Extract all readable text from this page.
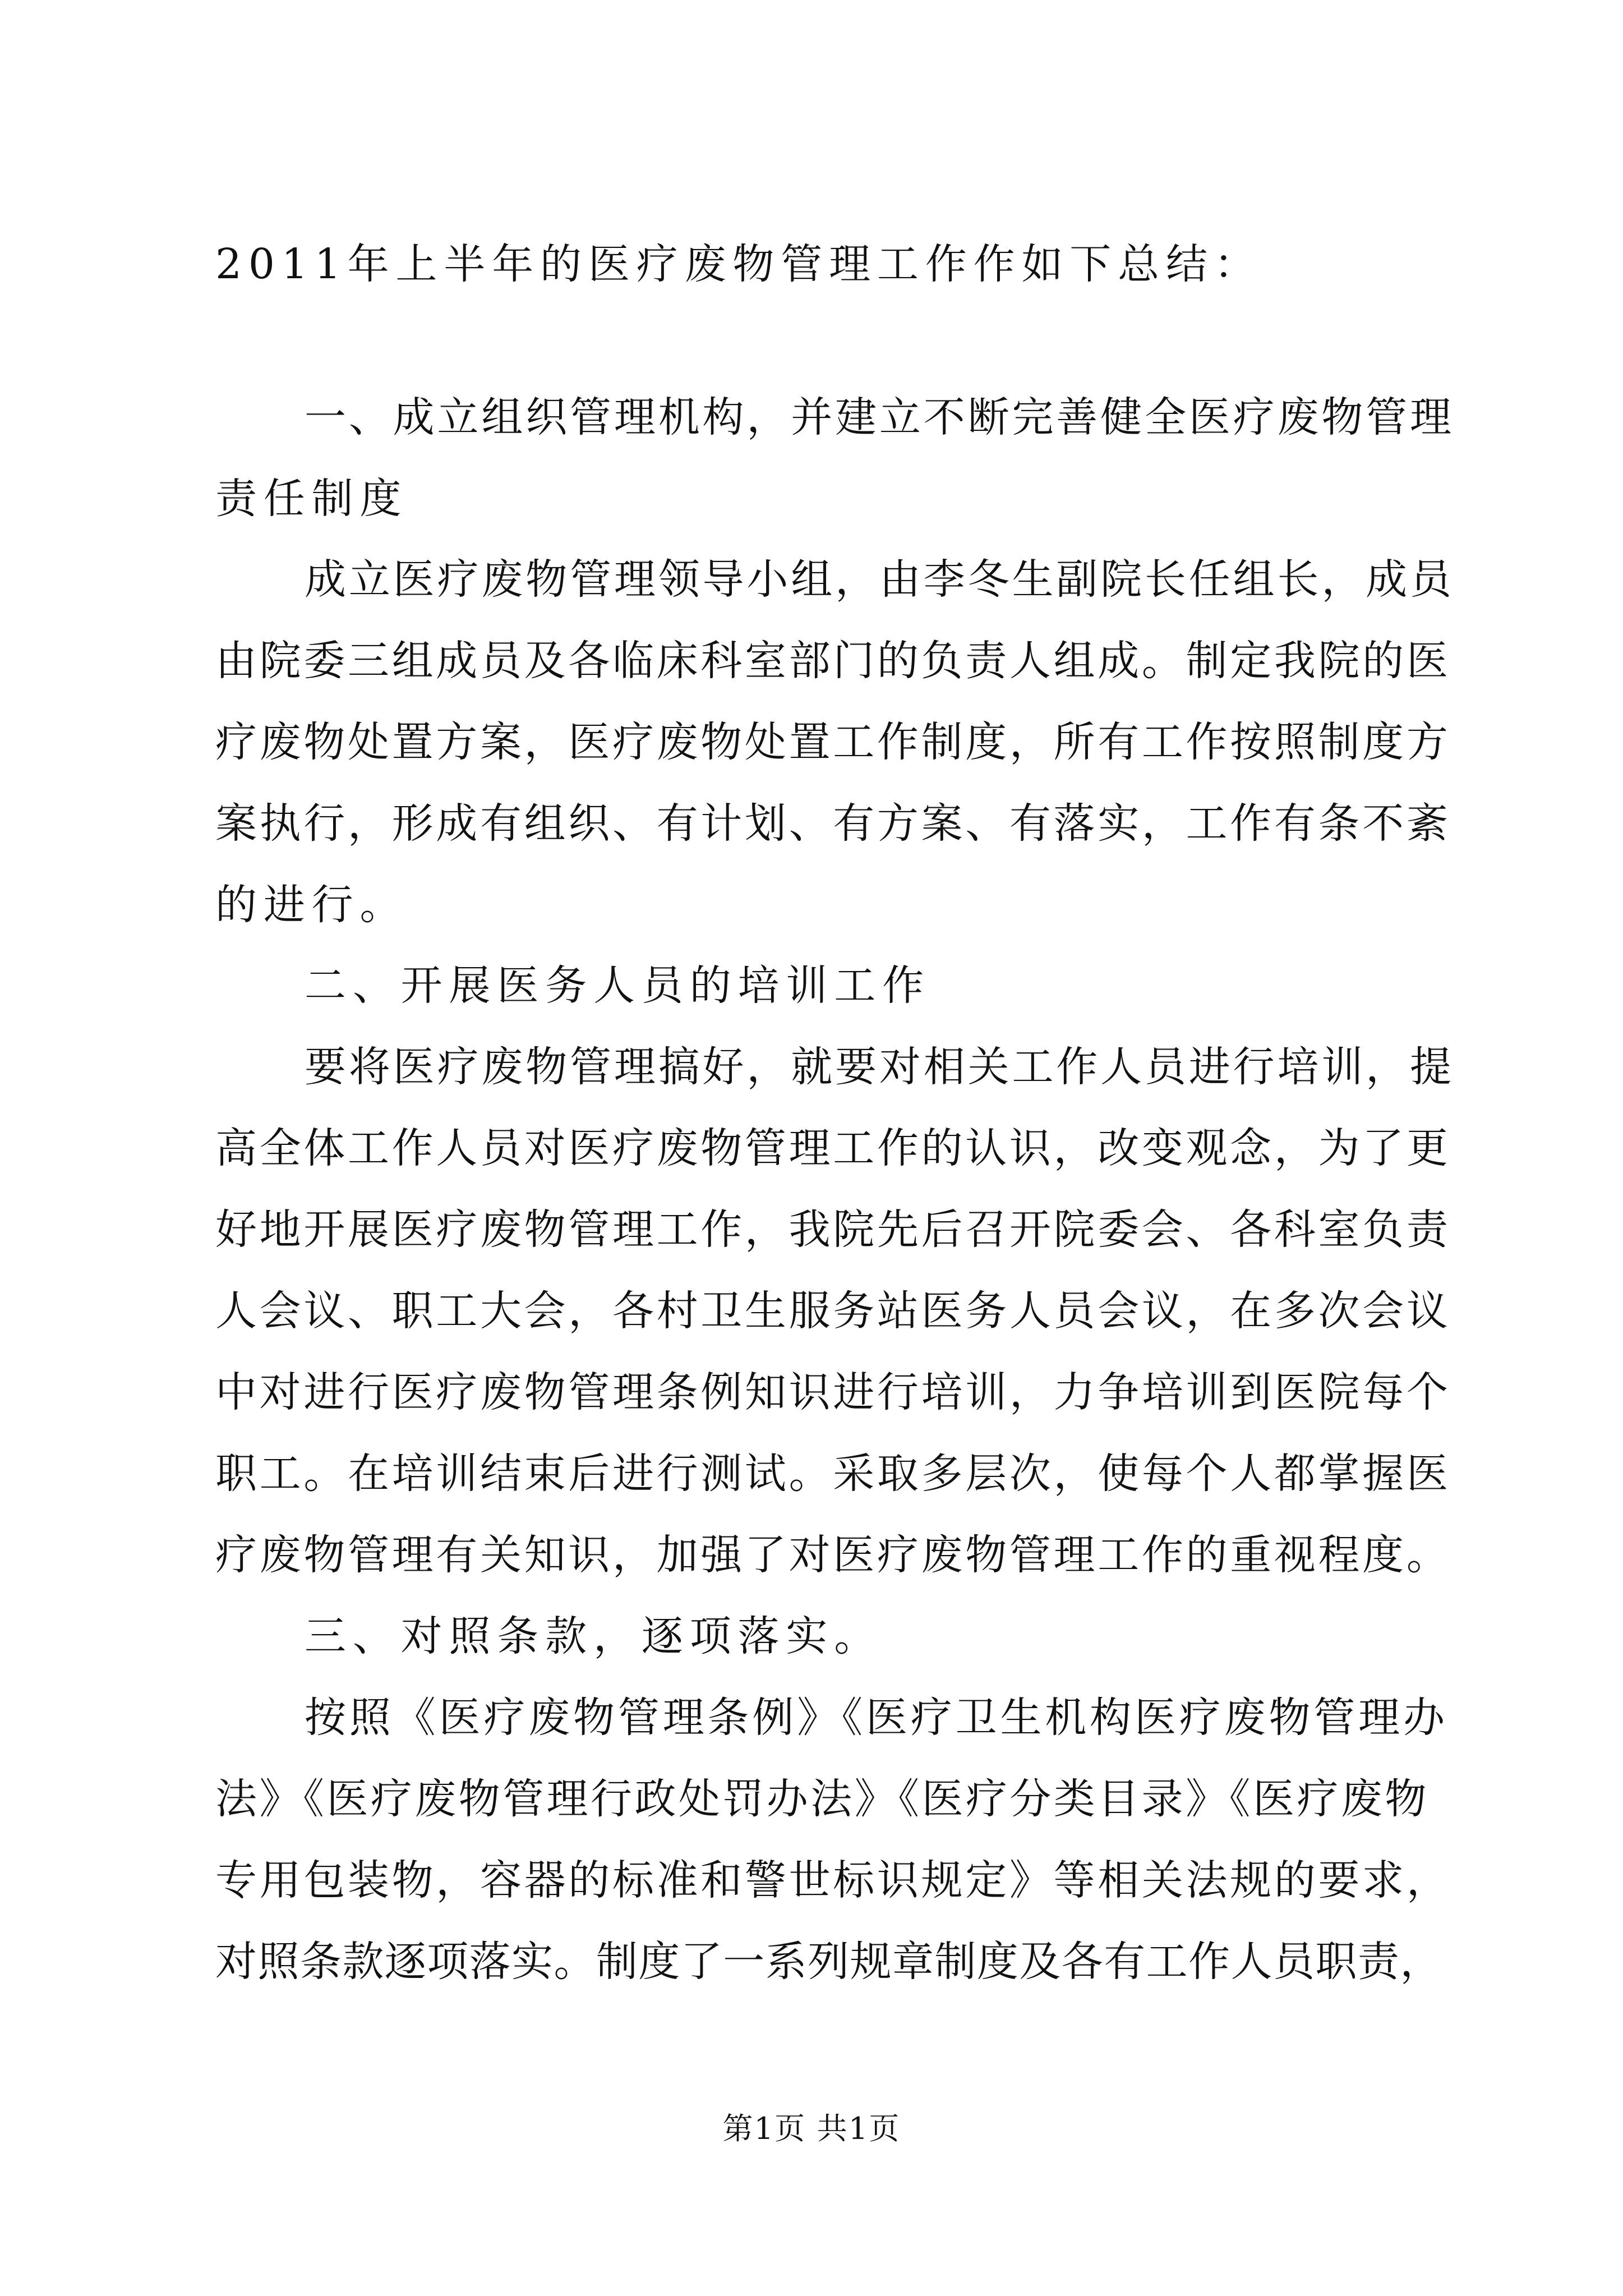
2011年上半年的医疗废物管理工作作如下总结：
一、成立组织管理机构，并建立不断完善健全医疗废物管理
责任制度
成立医疗废物管理领导小组，由李冬生副院长任组长，成员
由院委三组成员及各临床科室部门的负责人组成。制定我院的医
疗废物处置方案，医疗废物处置工作制度，所有工作按照制度方
案执行，形成有组织、有计划、有方案、有落实，工作有条不紊
的进行。
二、开展医务人员的培训工作
要将医疗废物管理搞好，就要对相关工作人员进行培训，提
高全体工作人员对医疗废物管理工作的认识，改变观念，为了更
好地开展医疗废物管理工作，我院先后召开院委会、各科室负责
人会议、职工大会，各村卫生服务站医务人员会议，在多次会议
中对进行医疗废物管理条例知识进行培训，力争培训到医院每个
职工。在培训结束后进行测试。采取多层次，使每个人都掌握医
疗废物管理有关知识，加强了对医疗废物管理工作的重视程度。
三、对照条款，逐项落实。
按照《医疗废物管理条例》《医疗卫生机构医疗废物管理办
法》《医疗废物管理行政处罚办法》《医疗分类目录》《医疗废物
专用包装物，容器的标准和警世标识规定》等相关法规的要求，
对照条款逐项落实。制度了一系列规章制度及各有工作人员职责，
第1页 共1页
